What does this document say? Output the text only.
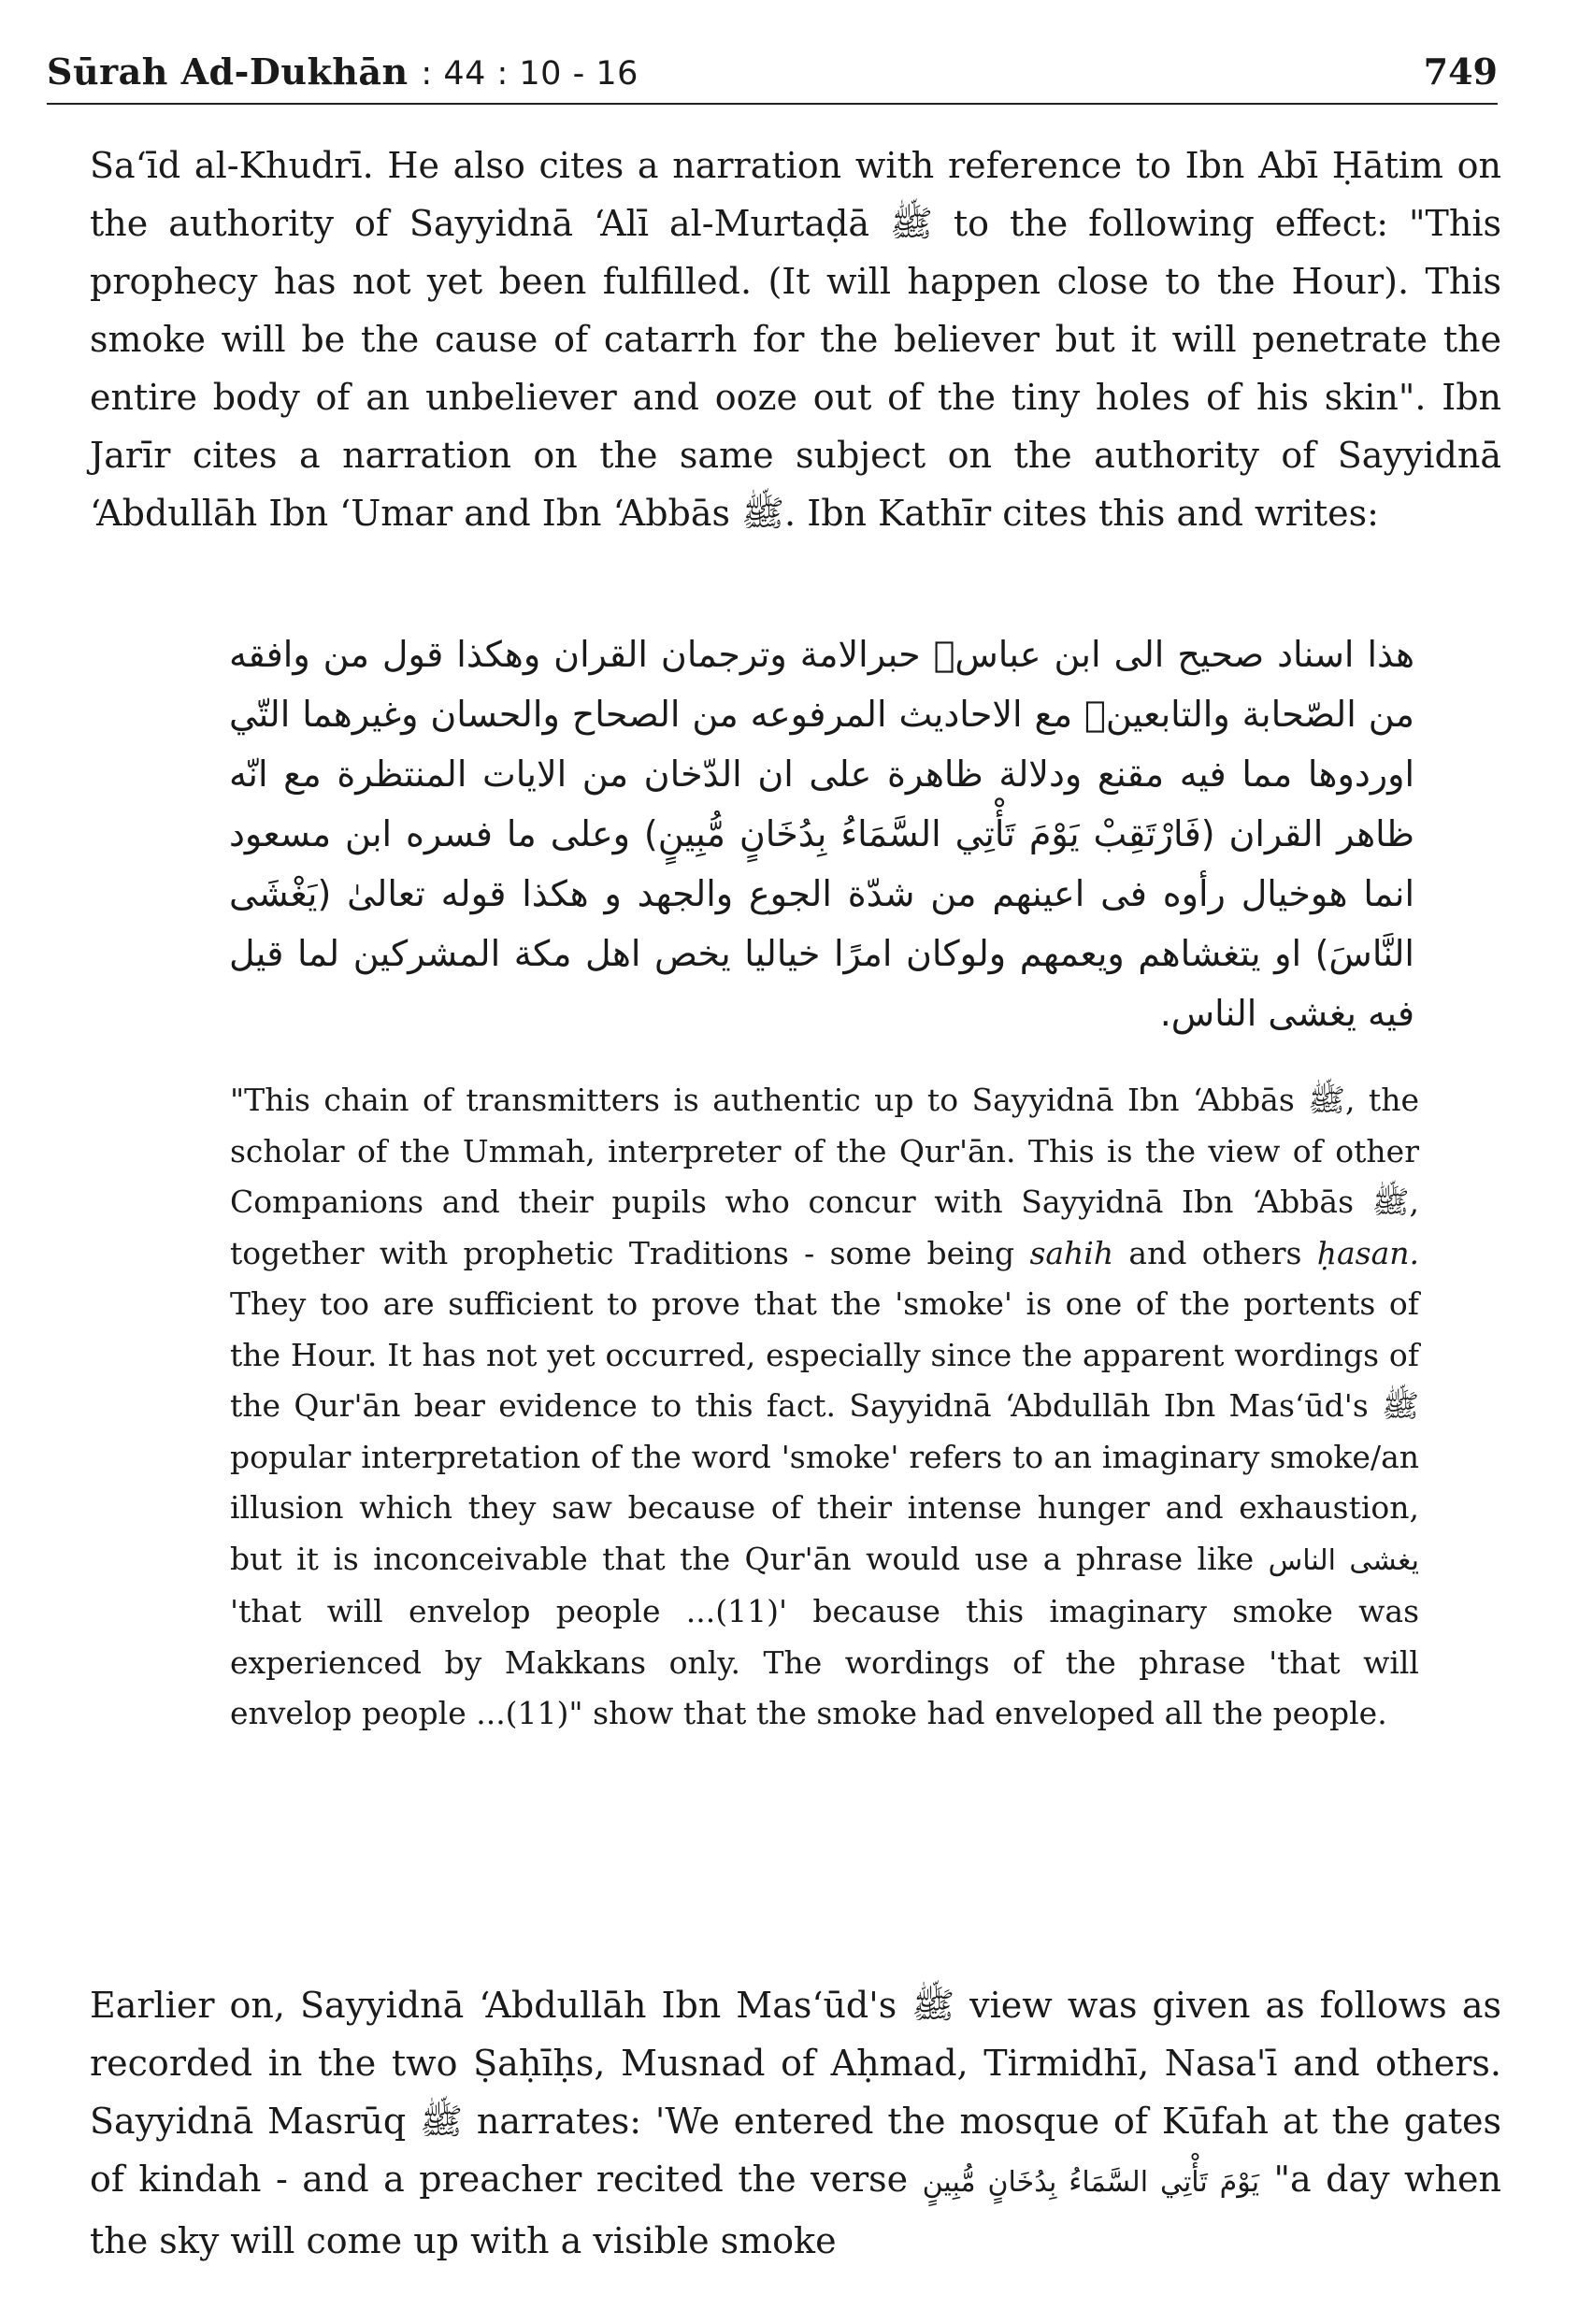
Sūrah Ad-Dukhān : 44 : 10 - 16	749

Sa‘īd al-Khudrī. He also cites a narration with reference to Ibn Abī Ḥātim on the authority of Sayyidnā ‘Alī al-Murtaḍā ﷺ to the following effect: "This prophecy has not yet been fulfilled. (It will happen close to the Hour). This smoke will be the cause of catarrh for the believer but it will penetrate the entire body of an unbeliever and ooze out of the tiny holes of his skin". Ibn Jarīr cites a narration on the same subject on the authority of Sayyidnā ‘Abdullāh Ibn ‘Umar and Ibn ‘Abbās ﷺ. Ibn Kathīr cites this and writes:

هذا اسناد صحيح الى ابن عباسؓ حبرالامة وترجمان القران وهكذا قول من وافقه من الصّحابة والتابعينؒ مع الاحاديث المرفوعه من الصحاح والحسان وغيرهما التّي اوردوها مما فيه مقنع ودلالة ظاهرة على ان الدّخان من الايات المنتظرة مع انّه ظاهر القران (فَارْتَقِبْ يَوْمَ تَأْتِي السَّمَاءُ بِدُخَانٍ مُّبِينٍ) وعلى ما فسره ابن مسعود انما هوخيال رأوه فى اعينهم من شدّة الجوع والجهد و هكذا قوله تعالىٰ (يَغْشَى النَّاسَ) او يتغشاهم ويعمهم ولوكان امرًا خياليا يخص اهل مكة المشركين لما قيل فيه يغشى الناس.

"This chain of transmitters is authentic up to Sayyidnā Ibn ‘Abbās ﷺ, the scholar of the Ummah, interpreter of the Qur'ān. This is the view of other Companions and their pupils who concur with Sayyidnā Ibn ‘Abbās ﷺ, together with prophetic Traditions - some being sahih and others ḥasan. They too are sufficient to prove that the 'smoke' is one of the portents of the Hour. It has not yet occurred, especially since the apparent wordings of the Qur'ān bear evidence to this fact. Sayyidnā ‘Abdullāh Ibn Mas‘ūd's ﷺ popular interpretation of the word 'smoke' refers to an imaginary smoke/an illusion which they saw because of their intense hunger and exhaustion, but it is inconceivable that the Qur'ān would use a phrase like يغشى الناس 'that will envelop people ...(11)' because this imaginary smoke was experienced by Makkans only. The wordings of the phrase 'that will envelop people ...(11)" show that the smoke had enveloped all the people.

Earlier on, Sayyidnā ‘Abdullāh Ibn Mas‘ūd's ﷺ view was given as follows as recorded in the two Ṣaḥīḥs, Musnad of Aḥmad, Tirmidhī, Nasa'ī and others. Sayyidnā Masrūq ﷺ narrates: 'We entered the mosque of Kūfah at the gates of kindah - and a preacher recited the verse يَوْمَ تَأْتِي السَّمَاءُ بِدُخَانٍ مُّبِينٍ "a day when the sky will come up with a visible smoke
